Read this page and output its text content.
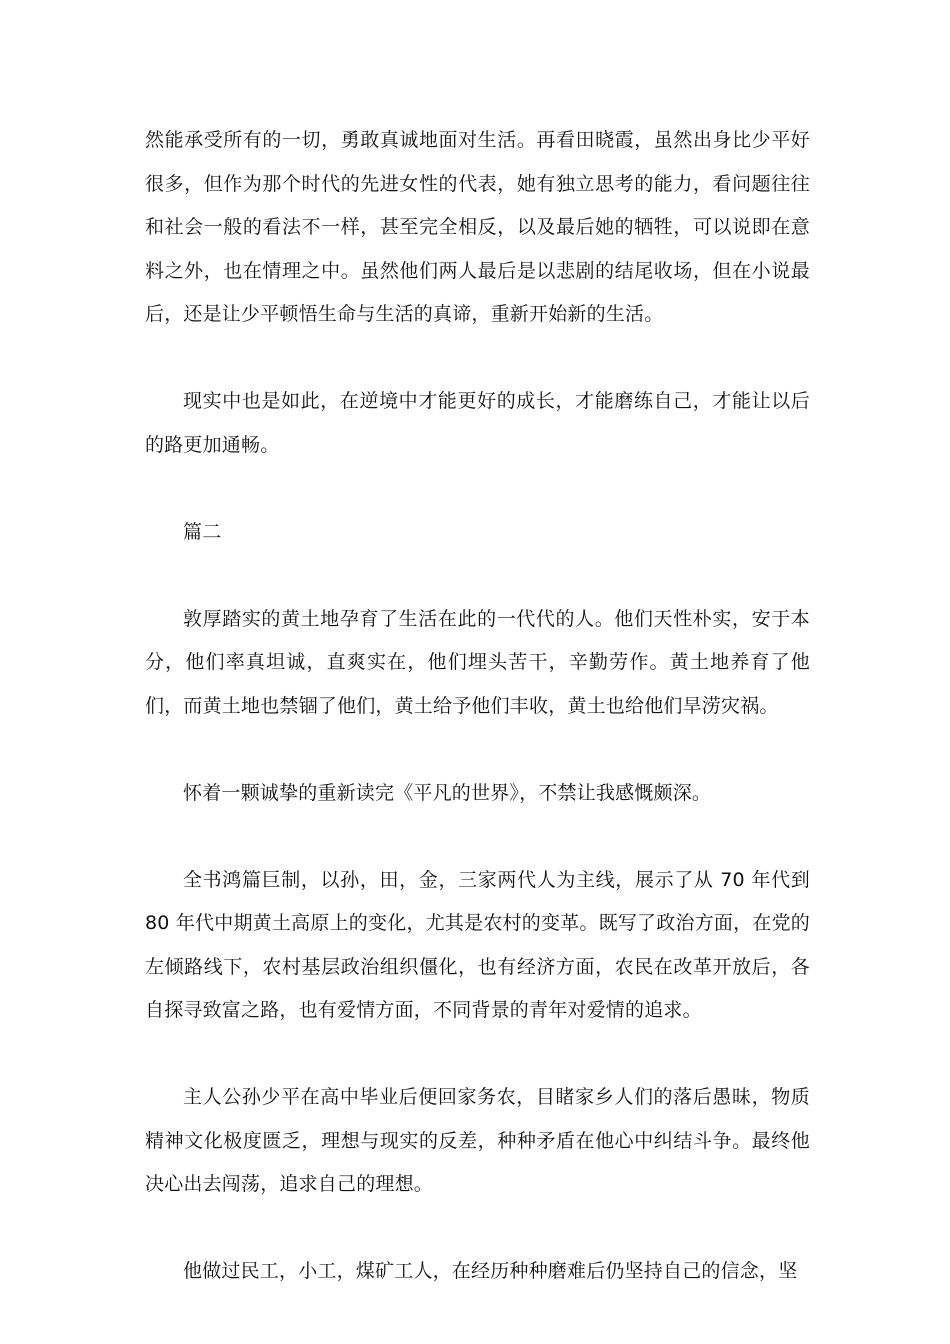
然能承受所有的一切，勇敢真诚地面对生活。再看田晓霞，虽然出身比少平好很多，但作为那个时代的先进女性的代表，她有独立思考的能力，看问题往往和社会一般的看法不一样，甚至完全相反，以及最后她的牺牲，可以说即在意料之外，也在情理之中。虽然他们两人最后是以悲剧的结尾收场，但在小说最后，还是让少平顿悟生命与生活的真谛，重新开始新的生活。

现实中也是如此，在逆境中才能更好的成长，才能磨练自己，才能让以后的路更加通畅。

篇二

敦厚踏实的黄土地孕育了生活在此的一代代的人。他们天性朴实，安于本分，他们率真坦诚，直爽实在，他们埋头苦干，辛勤劳作。黄土地养育了他们，而黄土地也禁锢了他们，黄土给予他们丰收，黄土也给他们旱涝灾祸。

怀着一颗诚挚的重新读完《平凡的世界》，不禁让我感慨颇深。

全书鸿篇巨制，以孙，田，金，三家两代人为主线，展示了从 70 年代到 80 年代中期黄土高原上的变化，尤其是农村的变革。既写了政治方面，在党的左倾路线下，农村基层政治组织僵化，也有经济方面，农民在改革开放后，各自探寻致富之路，也有爱情方面，不同背景的青年对爱情的追求。

主人公孙少平在高中毕业后便回家务农，目睹家乡人们的落后愚昧，物质精神文化极度匮乏，理想与现实的反差，种种矛盾在他心中纠结斗争。最终他决心出去闯荡，追求自己的理想。

他做过民工，小工，煤矿工人，在经历种种磨难后仍坚持自己的信念，坚
